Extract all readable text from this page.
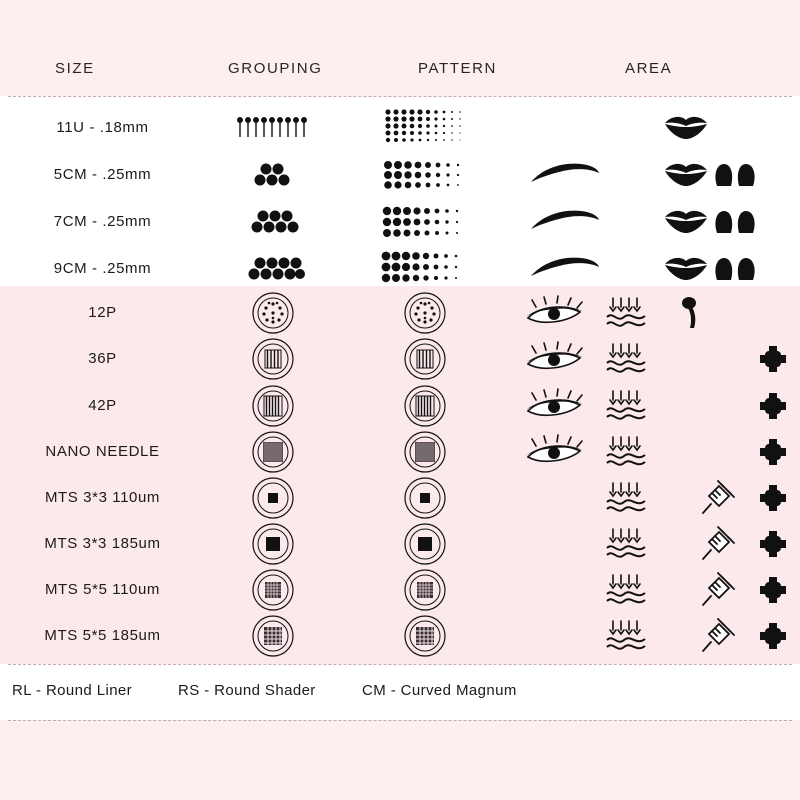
SIZE	GROUPING	PATTERN	AREA
11U - .18mm
5CM - .25mm
7CM - .25mm
9CM - .25mm
12P
36P
42P
NANO NEEDLE
MTS 3*3 110um
MTS 3*3 185um
MTS 5*5 110um
MTS 5*5 185um
RL - Round Liner	RS - Round Shader	CM - Curved Magnum
